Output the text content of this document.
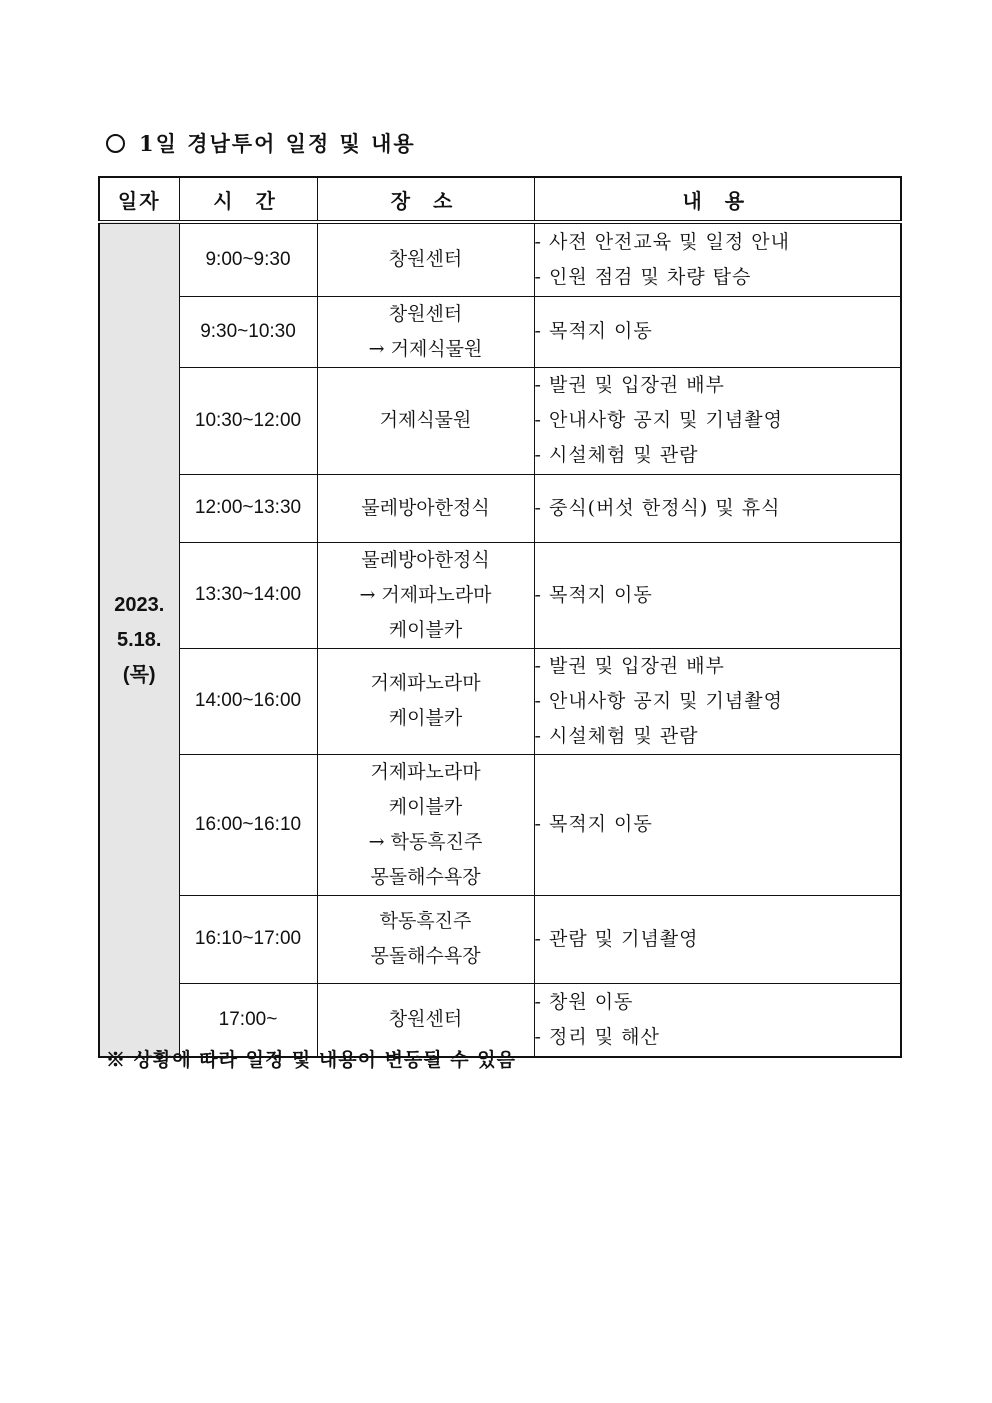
1일 경남투어 일정 및 내용
일자	시 간	장 소	내 용

2023.
5.18.
(목)	9:00~9:30	창원센터	- 사전 안전교육 및 일정 안내
- 인원 점검 및 차량 탑승

	9:30~10:30	창원센터
→ 거제식물원	- 목적지 이동

	10:30~12:00	거제식물원	- 발권 및 입장권 배부
- 안내사항 공지 및 기념촬영
- 시설체험 및 관람

	12:00~13:30	물레방아한정식	- 중식(버섯 한정식) 및 휴식

	13:30~14:00	물레방아한정식
→ 거제파노라마
케이블카	- 목적지 이동

	14:00~16:00	거제파노라마
케이블카	- 발권 및 입장권 배부
- 안내사항 공지 및 기념촬영
- 시설체험 및 관람

	16:00~16:10	거제파노라마
케이블카
→ 학동흑진주
몽돌해수욕장	- 목적지 이동

	16:10~17:00	학동흑진주
몽돌해수욕장	- 관람 및 기념촬영

	17:00~	창원센터	- 창원 이동
- 정리 및 해산
※ 상황에 따라 일정 및 내용이 변동될 수 있음
